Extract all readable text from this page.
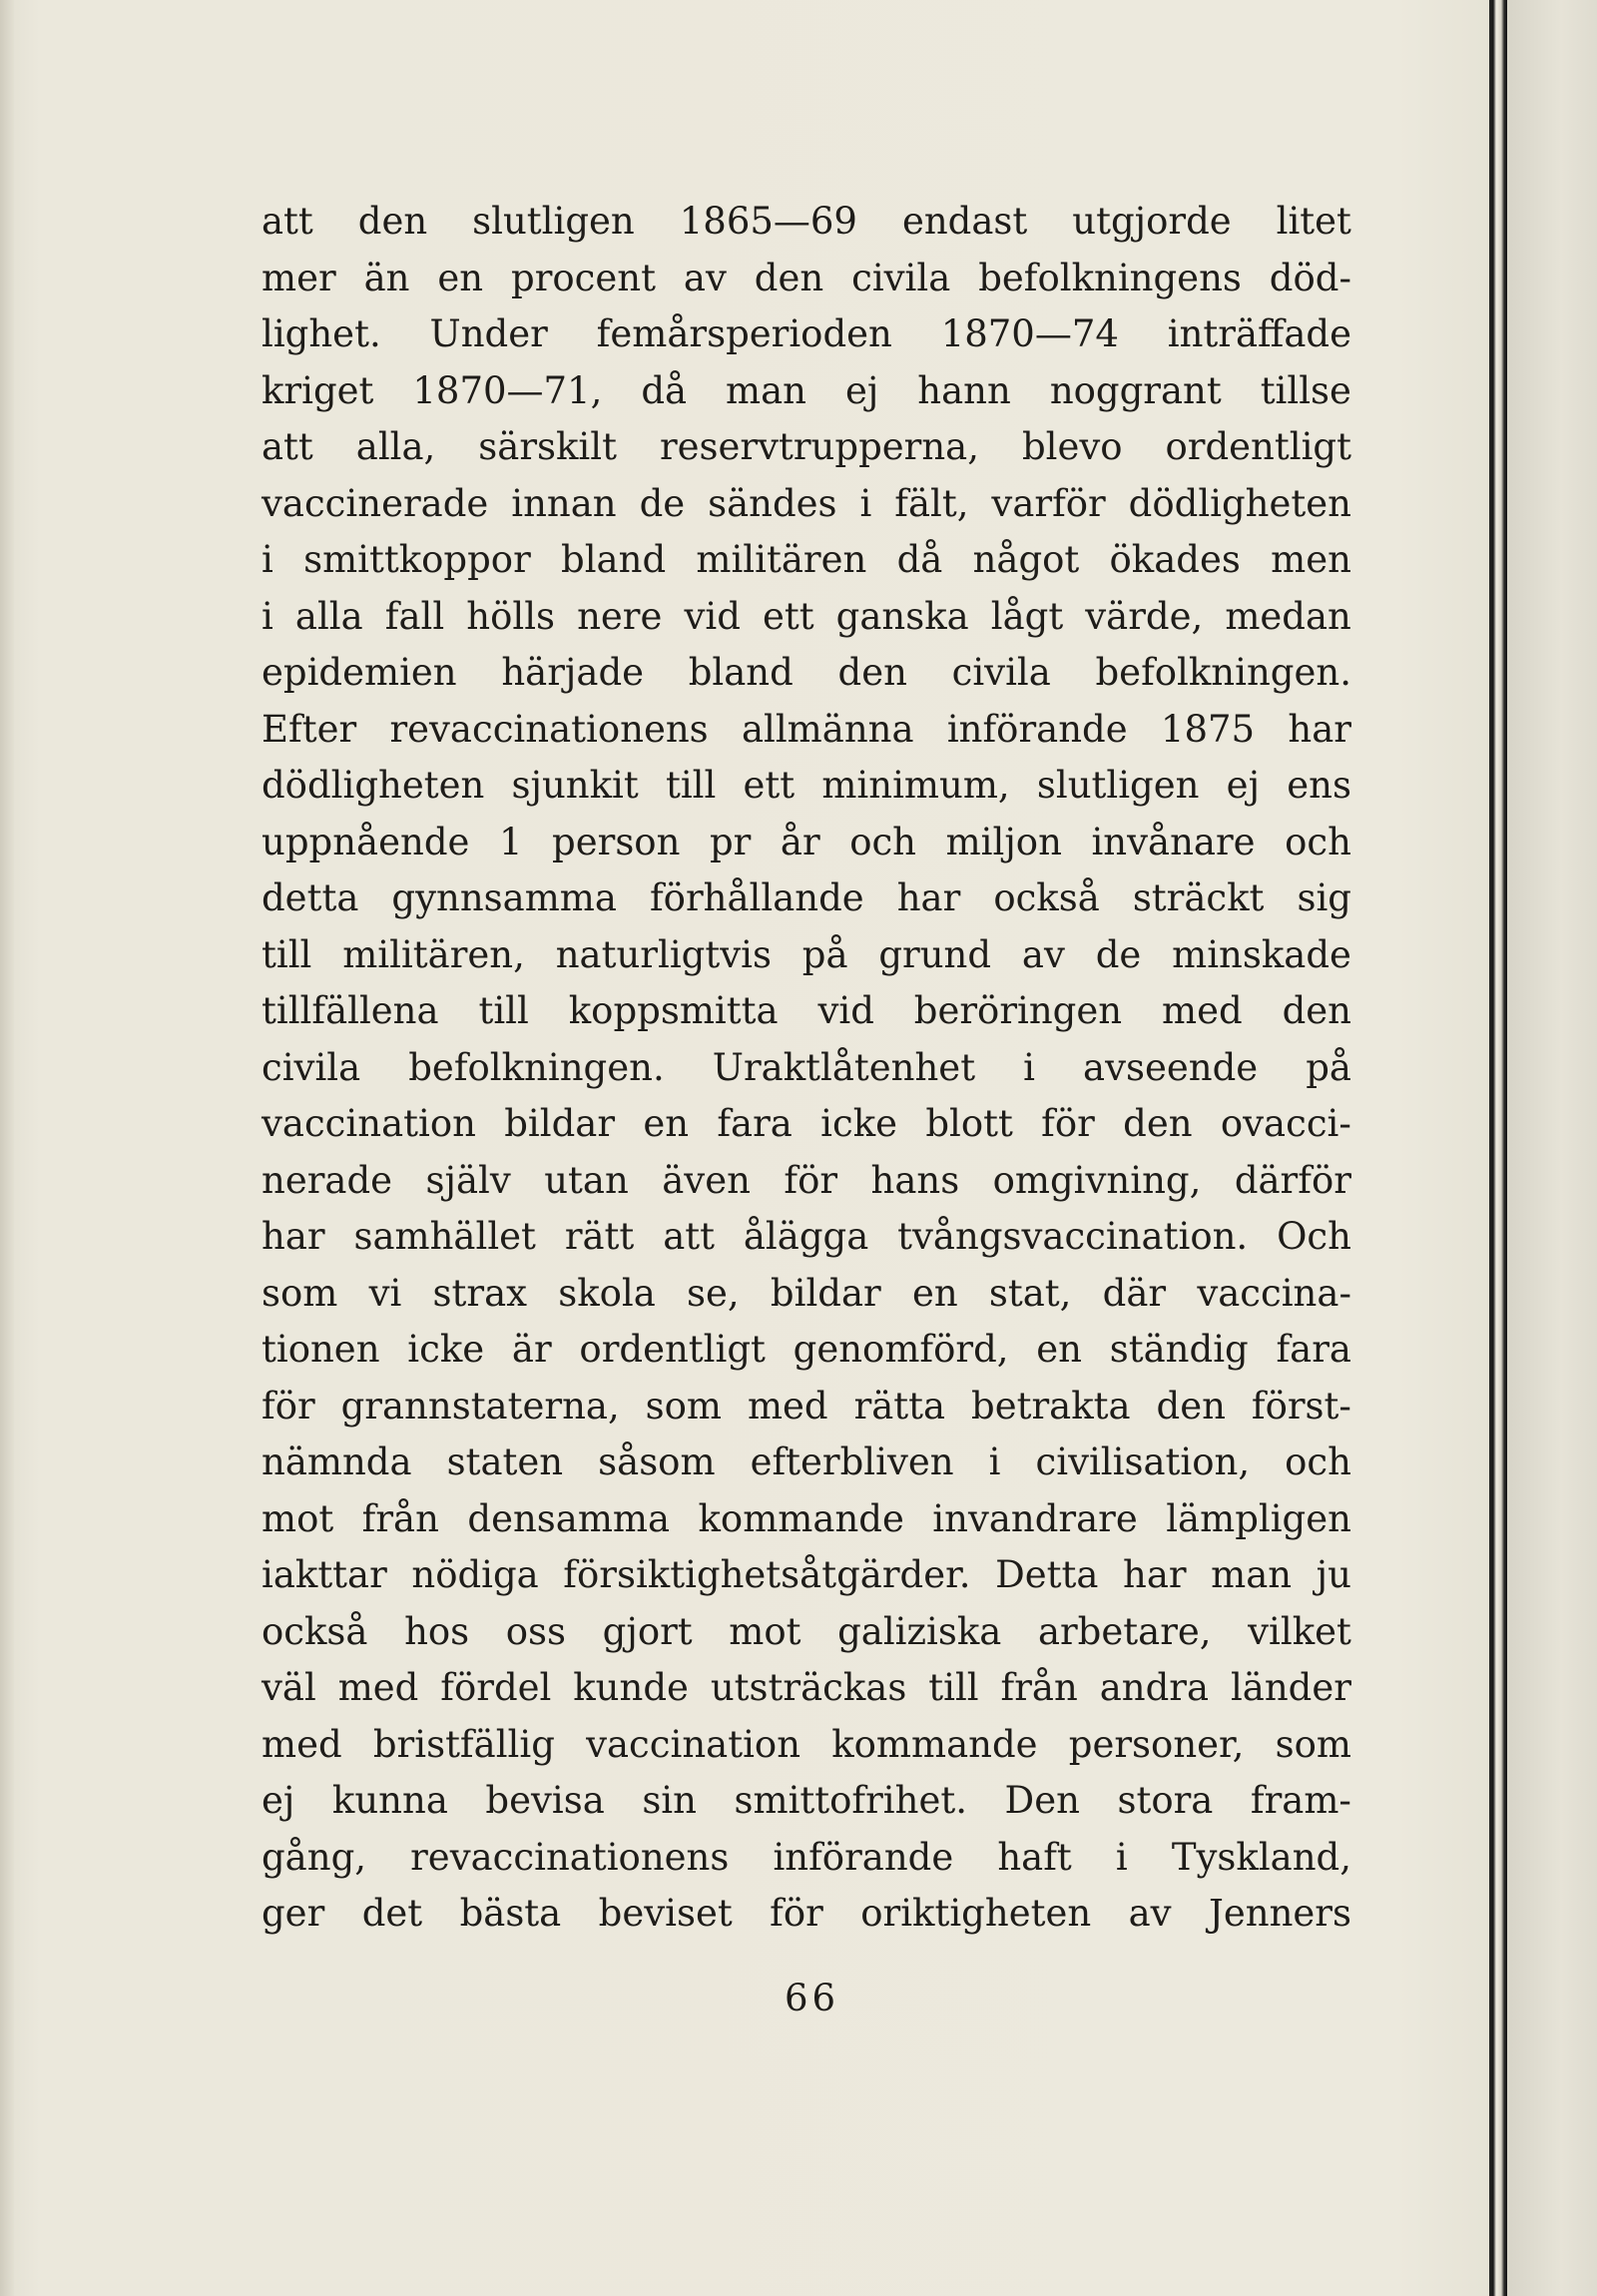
att den slutligen 1865—69 endast utgjorde litet
mer än en procent av den civila befolkningens död-
lighet. Under femårsperioden 1870—74 inträffade
kriget 1870—71, då man ej hann noggrant tillse
att alla, särskilt reservtrupperna, blevo ordentligt
vaccinerade innan de sändes i fält, varför dödligheten
i smittkoppor bland militären då något ökades men
i alla fall hölls nere vid ett ganska lågt värde, medan
epidemien härjade bland den civila befolkningen.
Efter revaccinationens allmänna införande 1875 har
dödligheten sjunkit till ett minimum, slutligen ej ens
uppnående 1 person pr år och miljon invånare och
detta gynnsamma förhållande har också sträckt sig
till militären, naturligtvis på grund av de minskade
tillfällena till koppsmitta vid beröringen med den
civila befolkningen. Uraktlåtenhet i avseende på
vaccination bildar en fara icke blott för den ovacci-
nerade själv utan även för hans omgivning, därför
har samhället rätt att ålägga tvångsvaccination. Och
som vi strax skola se, bildar en stat, där vaccina-
tionen icke är ordentligt genomförd, en ständig fara
för grannstaterna, som med rätta betrakta den först-
nämnda staten såsom efterbliven i civilisation, och
mot från densamma kommande invandrare lämpligen
iakttar nödiga försiktighetsåtgärder. Detta har man ju
också hos oss gjort mot galiziska arbetare, vilket
väl med fördel kunde utsträckas till från andra länder
med bristfällig vaccination kommande personer, som
ej kunna bevisa sin smittofrihet. Den stora fram-
gång, revaccinationens införande haft i Tyskland,
ger det bästa beviset för oriktigheten av Jenners
66
